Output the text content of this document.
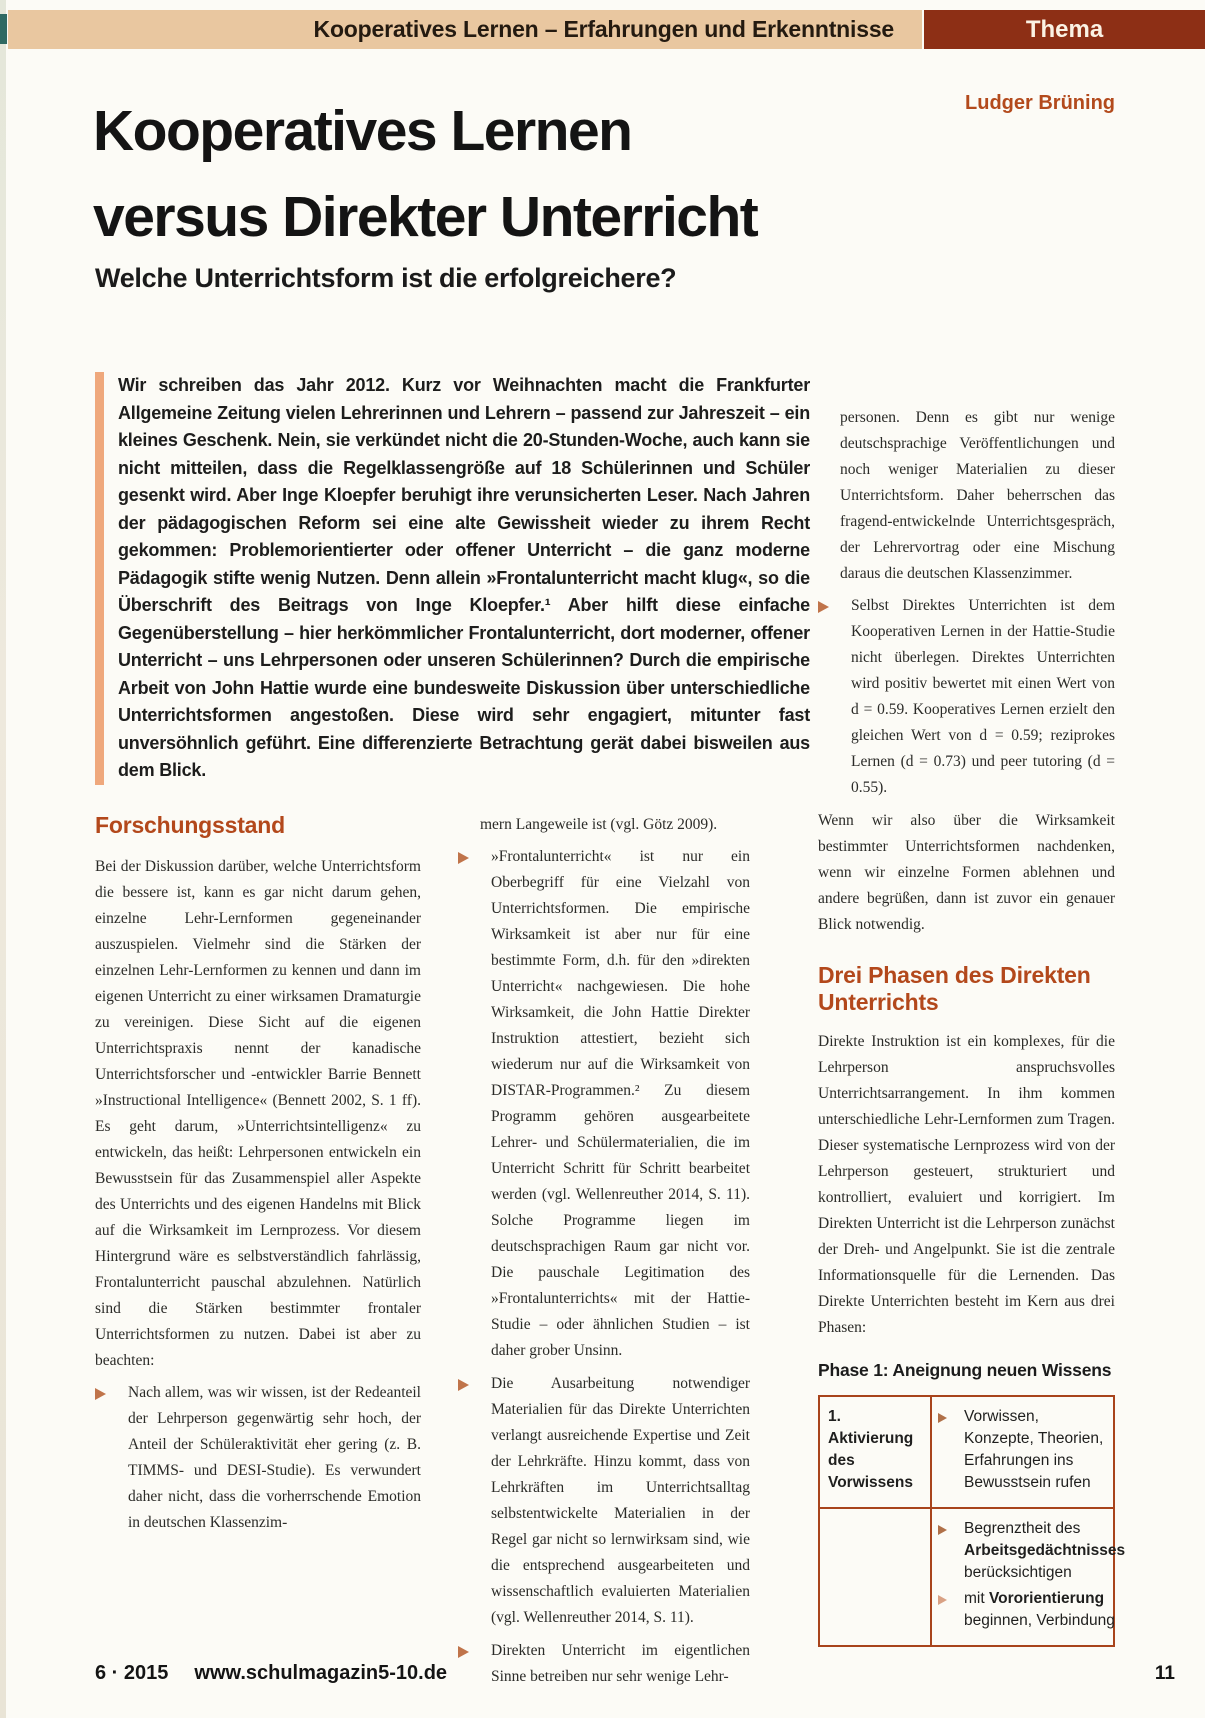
Kooperatives Lernen – Erfahrungen und Erkenntnisse	Thema
Ludger Brüning
Kooperatives Lernen
versus Direkter Unterricht
Welche Unterrichtsform ist die erfolgreichere?
Wir schreiben das Jahr 2012. Kurz vor Weihnachten macht die Frankfurter Allgemeine Zeitung vielen Lehrerinnen und Lehrern – passend zur Jahreszeit – ein kleines Geschenk. Nein, sie verkündet nicht die 20-Stunden-Woche, auch kann sie nicht mitteilen, dass die Regelklassengröße auf 18 Schülerinnen und Schüler gesenkt wird. Aber Inge Kloepfer beruhigt ihre verunsicherten Leser. Nach Jahren der pädagogischen Reform sei eine alte Gewissheit wieder zu ihrem Recht gekommen: Problemorientierter oder offener Unterricht – die ganz moderne Pädagogik stifte wenig Nutzen. Denn allein »Frontalunterricht macht klug«, so die Überschrift des Beitrags von Inge Kloepfer.¹ Aber hilft diese einfache Gegenüberstellung – hier herkömmlicher Frontalunterricht, dort moderner, offener Unterricht – uns Lehrpersonen oder unseren Schülerinnen? Durch die empirische Arbeit von John Hattie wurde eine bundesweite Diskussion über unterschiedliche Unterrichtsformen angestoßen. Diese wird sehr engagiert, mitunter fast unversöhnlich geführt. Eine differenzierte Betrachtung gerät dabei bisweilen aus dem Blick.
Forschungsstand

Bei der Diskussion darüber, welche Unterrichtsform die bessere ist, kann es gar nicht darum gehen, einzelne Lehr-Lernformen gegeneinander auszuspielen. Vielmehr sind die Stärken der einzelnen Lehr-Lernformen zu kennen und dann im eigenen Unterricht zu einer wirksamen Dramaturgie zu vereinigen. Diese Sicht auf die eigenen Unterrichtspraxis nennt der kanadische Unterrichtsforscher und -entwickler Barrie Bennett »Instructional Intelligence« (Bennett 2002, S. 1 ff). Es geht darum, »Unterrichtsintelligenz« zu entwickeln, das heißt: Lehrpersonen entwickeln ein Bewusstsein für das Zusammenspiel aller Aspekte des Unterrichts und des eigenen Handelns mit Blick auf die Wirksamkeit im Lernprozess. Vor diesem Hintergrund wäre es selbstverständlich fahrlässig, Frontalunterricht pauschal abzulehnen. Natürlich sind die Stärken bestimmter frontaler Unterrichtsformen zu nutzen. Dabei ist aber zu beachten:

Nach allem, was wir wissen, ist der Redeanteil der Lehrperson gegenwärtig sehr hoch, der Anteil der Schüleraktivität eher gering (z. B. TIMMS- und DESI-Studie). Es verwundert daher nicht, dass die vorherrschende Emotion in deutschen Klassenzim-

mern Langeweile ist (vgl. Götz 2009).

»Frontalunterricht« ist nur ein Oberbegriff für eine Vielzahl von Unterrichtsformen. Die empirische Wirksamkeit ist aber nur für eine bestimmte Form, d.h. für den »direkten Unterricht« nachgewiesen. Die hohe Wirksamkeit, die John Hattie Direkter Instruktion attestiert, bezieht sich wiederum nur auf die Wirksamkeit von DISTAR-Programmen.² Zu diesem Programm gehören ausgearbeitete Lehrer- und Schülermaterialien, die im Unterricht Schritt für Schritt bearbeitet werden (vgl. Wellenreuther 2014, S. 11). Solche Programme liegen im deutschsprachigen Raum gar nicht vor. Die pauschale Legitimation des »Frontalunterrichts« mit der Hattie-Studie – oder ähnlichen Studien – ist daher grober Unsinn.
Die Ausarbeitung notwendiger Materialien für das Direkte Unterrichten verlangt ausreichende Expertise und Zeit der Lehrkräfte. Hinzu kommt, dass von Lehrkräften im Unterrichtsalltag selbstentwickelte Materialien in der Regel gar nicht so lernwirksam sind, wie die entsprechend ausgearbeiteten und wissenschaftlich evaluierten Materialien (vgl. Wellenreuther 2014, S. 11).
Direkten Unterricht im eigentlichen Sinne betreiben nur sehr wenige Lehr-

personen. Denn es gibt nur wenige deutschsprachige Veröffentlichungen und noch weniger Materialien zu dieser Unterrichtsform. Daher beherrschen das fragend-entwickelnde Unterrichtsgespräch, der Lehrervortrag oder eine Mischung daraus die deutschen Klassenzimmer.

Selbst Direktes Unterrichten ist dem Kooperativen Lernen in der Hattie-Studie nicht überlegen. Direktes Unterrichten wird positiv bewertet mit einen Wert von d = 0.59. Kooperatives Lernen erzielt den gleichen Wert von d = 0.59; reziprokes Lernen (d = 0.73) und peer tutoring (d = 0.55).

Wenn wir also über die Wirksamkeit bestimmter Unterrichtsformen nachdenken, wenn wir einzelne Formen ablehnen und andere begrüßen, dann ist zuvor ein genauer Blick notwendig.

Drei Phasen des Direkten Unterrichts

Direkte Instruktion ist ein komplexes, für die Lehrperson anspruchsvolles Unterrichtsarrangement. In ihm kommen unterschiedliche Lehr-Lernformen zum Tragen. Dieser systematische Lernprozess wird von der Lehrperson gesteuert, strukturiert und kontrolliert, evaluiert und korrigiert. Im Direkten Unterricht ist die Lehrperson zunächst der Dreh- und Angelpunkt. Sie ist die zentrale Informationsquelle für die Lernenden. Das Direkte Unterrichten besteht im Kern aus drei Phasen:

Phase 1: Aneignung neuen Wissens
1.Aktivierung des Vorwissens
Vorwissen, Konzepte, Theorien, Erfahrungen ins Bewusstsein rufen
Begrenztheit des Arbeitsgedächtnisses berücksichtigen
mit Vororientierung beginnen, Verbindung
6 · 2015 www.schulmagazin5-10.de	11
